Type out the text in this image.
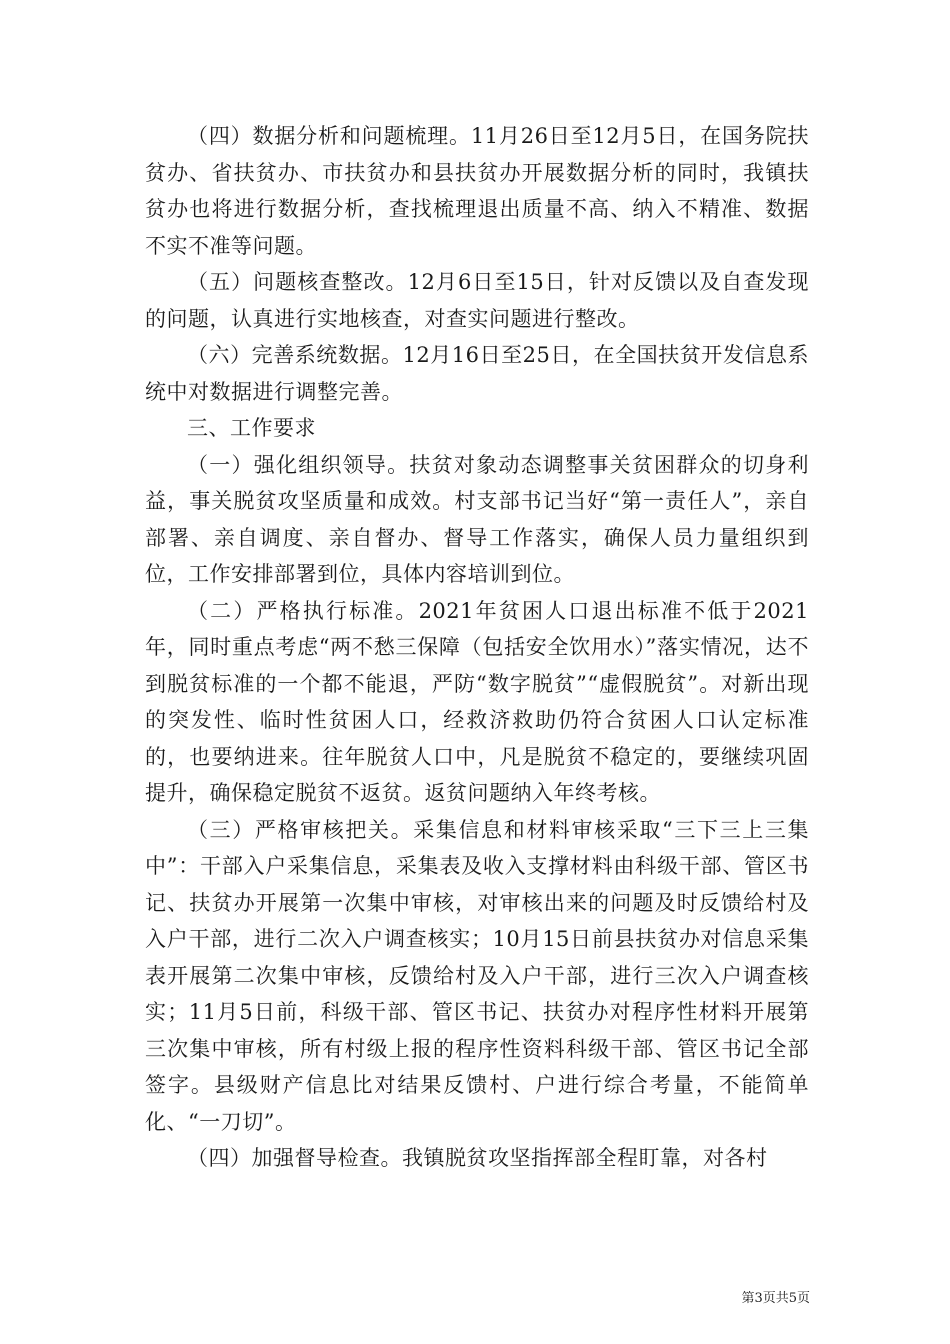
（四）数据分析和问题梳理。11月26日至12月5日，在国务院扶贫办、省扶贫办、市扶贫办和县扶贫办开展数据分析的同时，我镇扶贫办也将进行数据分析，查找梳理退出质量不高、纳入不精准、数据不实不准等问题。

（五）问题核查整改。12月6日至15日，针对反馈以及自查发现的问题，认真进行实地核查，对查实问题进行整改。

（六）完善系统数据。12月16日至25日，在全国扶贫开发信息系统中对数据进行调整完善。

三、工作要求

（一）强化组织领导。扶贫对象动态调整事关贫困群众的切身利益，事关脱贫攻坚质量和成效。村支部书记当好“第一责任人”，亲自部署、亲自调度、亲自督办、督导工作落实，确保人员力量组织到位，工作安排部署到位，具体内容培训到位。

（二）严格执行标准。2021年贫困人口退出标准不低于2021年，同时重点考虑“两不愁三保障（包括安全饮用水）”落实情况，达不到脱贫标准的一个都不能退，严防“数字脱贫”“虚假脱贫”。对新出现的突发性、临时性贫困人口，经救济救助仍符合贫困人口认定标准的，也要纳进来。往年脱贫人口中，凡是脱贫不稳定的，要继续巩固提升，确保稳定脱贫不返贫。返贫问题纳入年终考核。

（三）严格审核把关。采集信息和材料审核采取“三下三上三集中”：干部入户采集信息，采集表及收入支撑材料由科级干部、管区书记、扶贫办开展第一次集中审核，对审核出来的问题及时反馈给村及入户干部，进行二次入户调查核实；10月15日前县扶贫办对信息采集表开展第二次集中审核，反馈给村及入户干部，进行三次入户调查核实；11月5日前，科级干部、管区书记、扶贫办对程序性材料开展第三次集中审核，所有村级上报的程序性资料科级干部、管区书记全部签字。县级财产信息比对结果反馈村、户进行综合考量，不能简单化、“一刀切”。

（四）加强督导检查。我镇脱贫攻坚指挥部全程盯靠，对各村

第3页共5页
